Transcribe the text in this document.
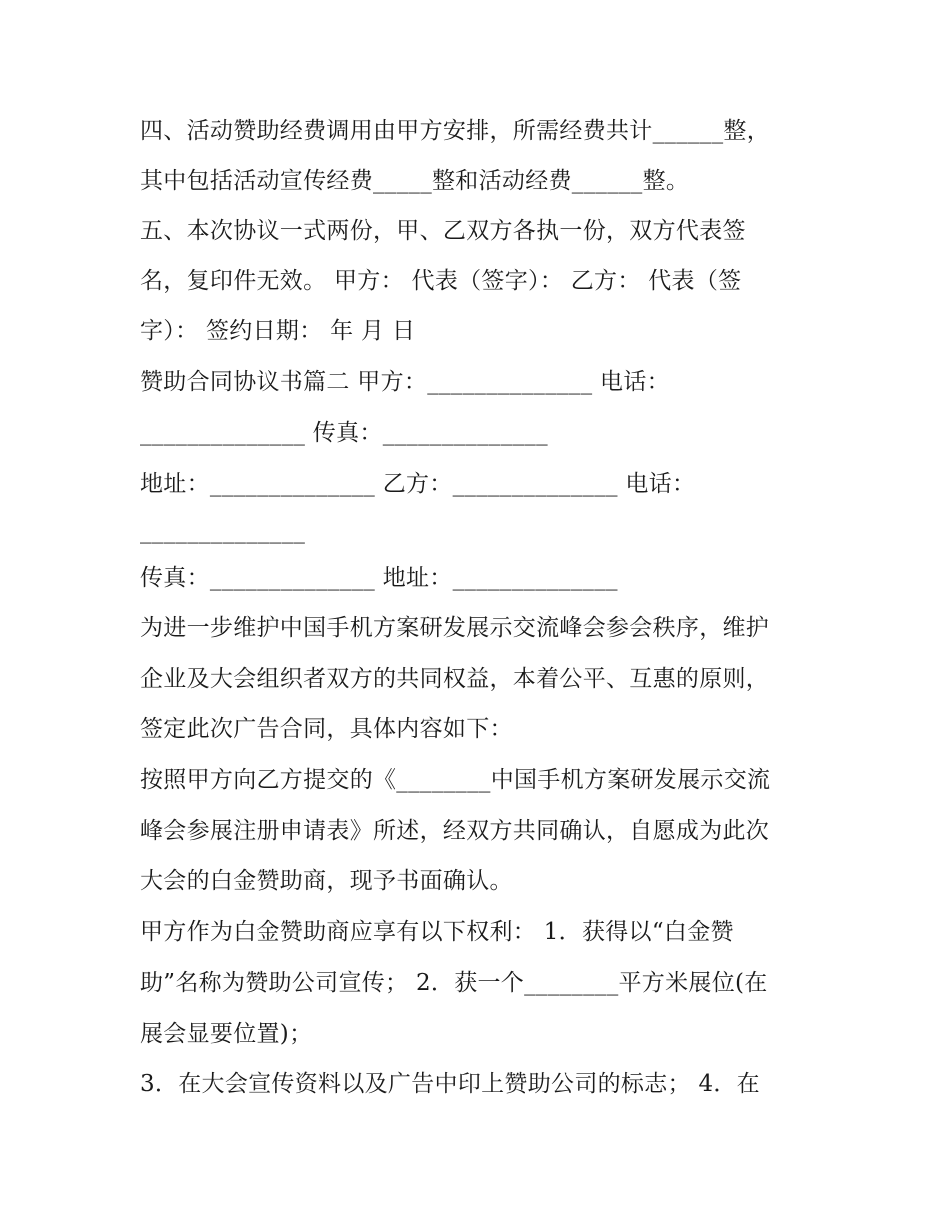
四、活动赞助经费调用由甲方安排，所需经费共计______整，

其中包括活动宣传经费_____整和活动经费______整。

五、本次协议一式两份，甲、乙双方各执一份，双方代表签

名，复印件无效。 甲方： 代表（签字）： 乙方： 代表（签

字）： 签约日期： 年 月 日

赞助合同协议书篇二 甲方：______________ 电话：

______________ 传真：______________

地址：______________ 乙方：______________ 电话：

______________

传真：______________ 地址：______________

为进一步维护中国手机方案研发展示交流峰会参会秩序，维护

企业及大会组织者双方的共同权益，本着公平、互惠的原则，

签定此次广告合同，具体内容如下：

按照甲方向乙方提交的《________中国手机方案研发展示交流

峰会参展注册申请表》所述，经双方共同确认，自愿成为此次

大会的白金赞助商，现予书面确认。

甲方作为白金赞助商应享有以下权利： 1．获得以“白金赞

助”名称为赞助公司宣传； 2．获一个________平方米展位(在

展会显要位置)；

3．在大会宣传资料以及广告中印上赞助公司的标志； 4．在
